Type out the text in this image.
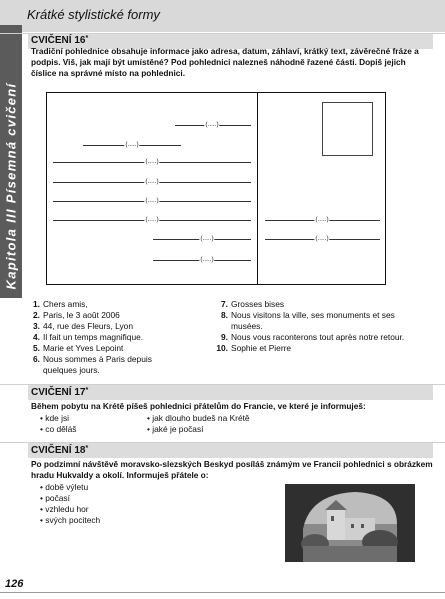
Krátké stylistické formy
Kapitola III Písemná cvičení
CVIČENÍ 16*
Tradiční pohlednice obsahuje informace jako adresa, datum, záhlaví, krátký text, závěrečné fráze a podpis. Viš, jak mají být umístěné? Pod pohlednici nalezneš náhodně řazené části. Dopiš jejich číslice na správné místo na pohlednici.
(.....)
(.....)
(.....)
(.....)
(.....)
(.....)
(.....)
(.....)
(.....)
(.....)
1. Chers amis,
2. Paris, le 3 août 2006
3. 44, rue des Fleurs, Lyon
4. Il fait un temps magnifique.
5. Marie et Yves Lepoint
6. Nous sommes à Paris depuis quelques jours.
7. Grosses bises
8. Nous visitons la ville, ses monuments et ses musées.
9. Nous vous raconterons tout après notre retour.
10. Sophie et Pierre
CVIČENÍ 17*
Během pobytu na Krétě píšeš pohlednici přátelům do Francie, ve které je informuješ:
• kde jsi
• co děláš
• jak dlouho budeš na Krétě
• jaké je počasí
CVIČENÍ 18*
Po podzimní návštěvě moravsko-slezských Beskyd posíláš známým ve Francii pohlednici s obrázkem hradu Hukvaldy a okolí. Informuješ přátele o:
• době výletu
• počasí
• vzhledu hor
• svých pocitech
126
